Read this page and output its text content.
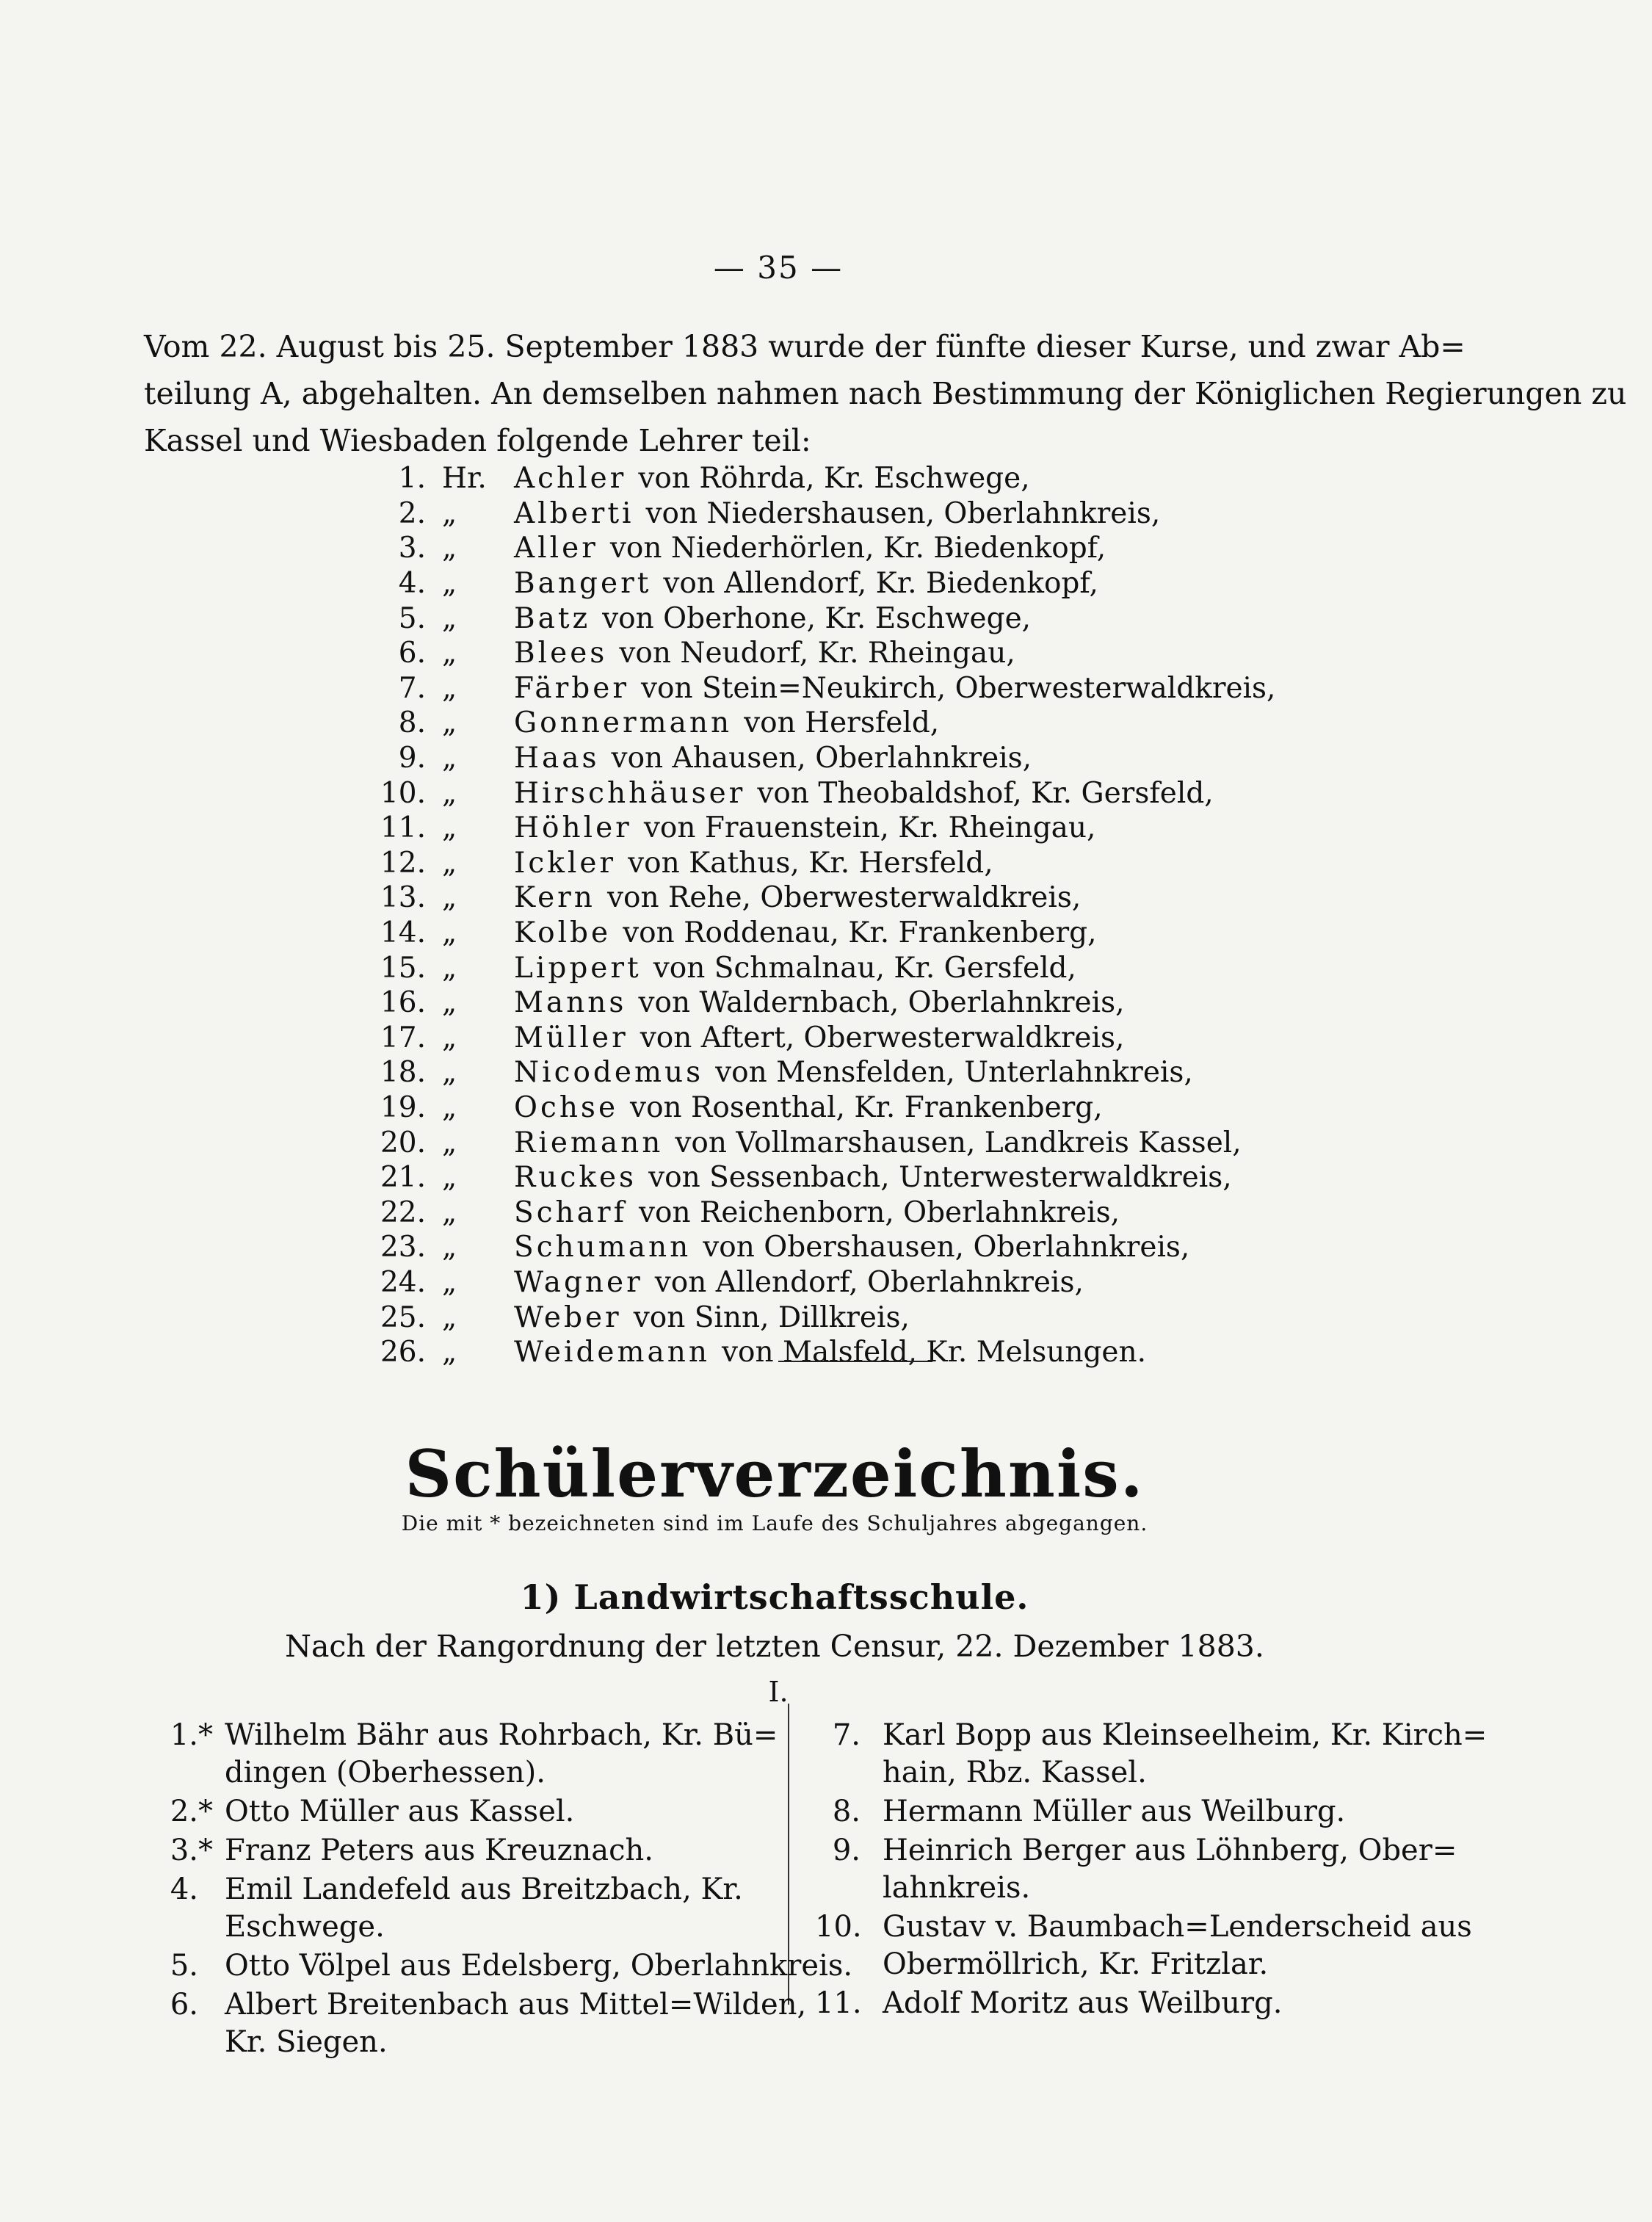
— 35 —
Vom 22. August bis 25. September 1883 wurde der fünfte dieser Kurse, und zwar Ab=
teilung A, abgehalten. An demselben nahmen nach Bestimmung der Königlichen Regierungen zu
Kassel und Wiesbaden folgende Lehrer teil:
1. Hr. Achler von Röhrda, Kr. Eschwege,
2. „	Alberti von Niedershausen, Oberlahnkreis,
3. „	Aller von Niederhörlen, Kr. Biedenkopf,
4. „	Bangert von Allendorf, Kr. Biedenkopf,
5. „	Batz von Oberhone, Kr. Eschwege,
6. „	Blees von Neudorf, Kr. Rheingau,
7. „	Färber von Stein=Neukirch, Oberwesterwaldkreis,
8. „	Gonnermann von Hersfeld,
9. „	Haas von Ahausen, Oberlahnkreis,
10. „	Hirschhäuser von Theobaldshof, Kr. Gersfeld,
11. „	Höhler von Frauenstein, Kr. Rheingau,
12. „	Ickler von Kathus, Kr. Hersfeld,
13. „	Kern von Rehe, Oberwesterwaldkreis,
14. „	Kolbe von Roddenau, Kr. Frankenberg,
15. „	Lippert von Schmalnau, Kr. Gersfeld,
16. „	Manns von Waldernbach, Oberlahnkreis,
17. „	Müller von Aftert, Oberwesterwaldkreis,
18. „	Nicodemus von Mensfelden, Unterlahnkreis,
19. „	Ochse von Rosenthal, Kr. Frankenberg,
20. „	Riemann von Vollmarshausen, Landkreis Kassel,
21. „	Ruckes von Sessenbach, Unterwesterwaldkreis,
22. „	Scharf von Reichenborn, Oberlahnkreis,
23. „	Schumann von Obershausen, Oberlahnkreis,
24. „	Wagner von Allendorf, Oberlahnkreis,
25. „	Weber von Sinn, Dillkreis,
26. „	Weidemann von Malsfeld, Kr. Melsungen.
Schülerverzeichnis.
Die mit * bezeichneten sind im Laufe des Schuljahres abgegangen.
1) Landwirtschaftsschule.
Nach der Rangordnung der letzten Censur, 22. Dezember 1883.
I.
1. * Wilhelm Bähr aus Rohrbach, Kr. Bü=
dingen (Oberhessen).
2. * Otto Müller aus Kassel.
3. * Franz Peters aus Kreuznach.
4. Emil Landefeld aus Breitzbach, Kr.
Eschwege.
5. Otto Völpel aus Edelsberg, Oberlahnkreis.
6. Albert Breitenbach aus Mittel=Wilden,
Kr. Siegen.
7. Karl Bopp aus Kleinseelheim, Kr. Kirch=
hain, Rbz. Kassel.
8. Hermann Müller aus Weilburg.
9. Heinrich Berger aus Löhnberg, Ober=
lahnkreis.
10. Gustav v. Baumbach=Lenderscheid aus
Obermöllrich, Kr. Fritzlar.
11. Adolf Moritz aus Weilburg.
